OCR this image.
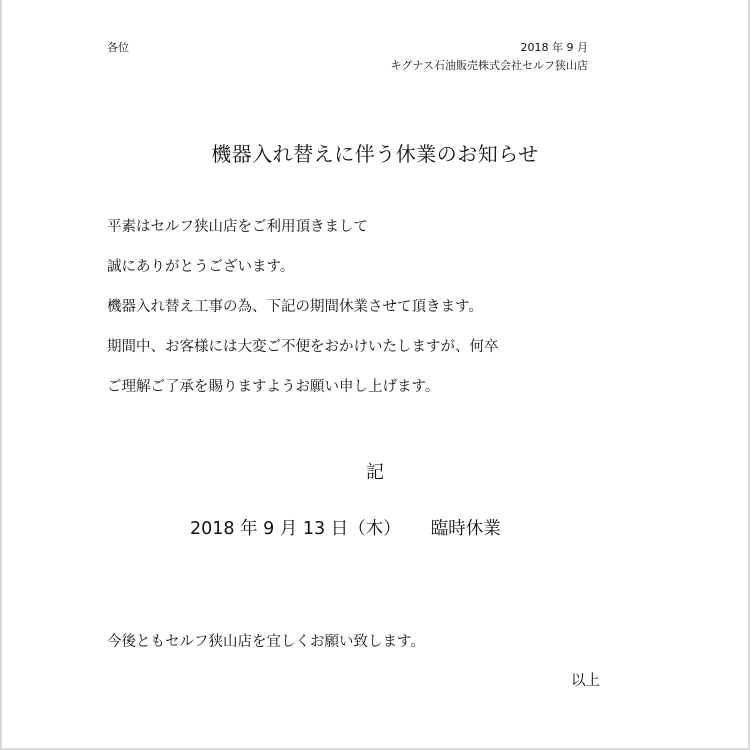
各位	2018 年 9 月
キグナス石油販売株式会社セルフ狭山店
機器入れ替えに伴う休業のお知らせ
平素はセルフ狭山店をご利用頂きまして
誠にありがとうございます。
機器入れ替え工事の為、下記の期間休業させて頂きます。
期間中、お客様には大変ご不便をおかけいたしますが、何卒
ご理解ご了承を賜りますようお願い申し上げます。
記
2018 年 9 月 13 日（木） 臨時休業
今後ともセルフ狭山店を宜しくお願い致します。
以上
